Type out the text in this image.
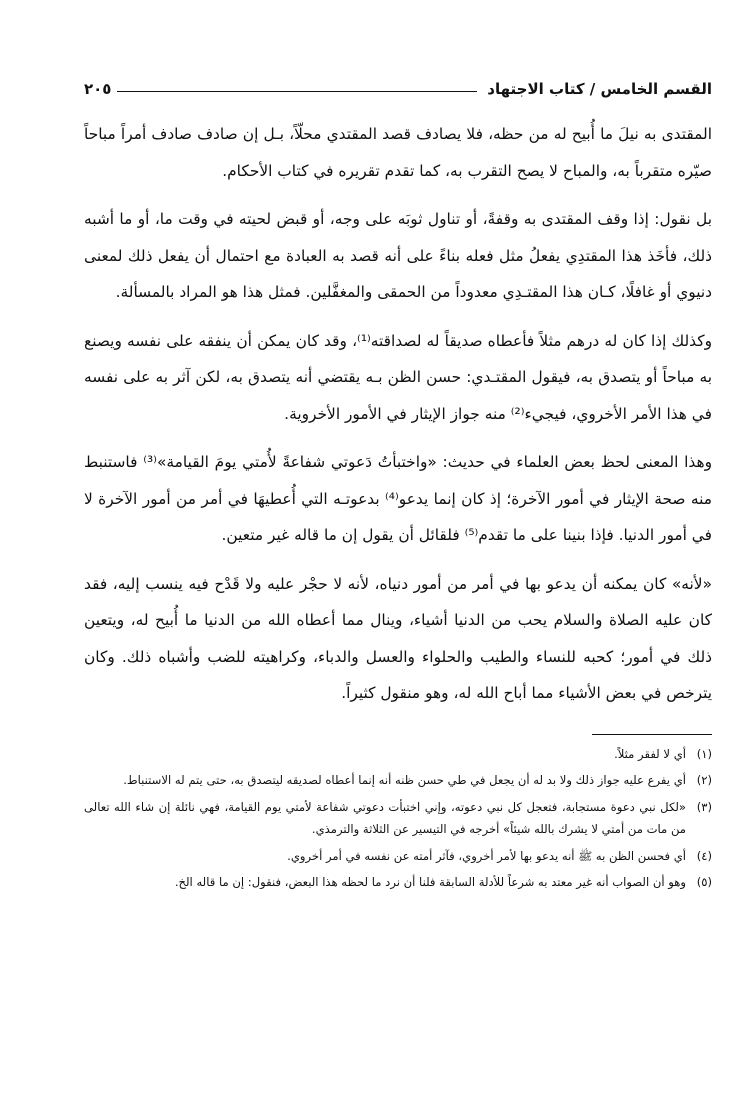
القسم الخامس / كتاب الاجتهاد
٢٠٥

المقتدى به نيلَ ما أُبيح له من حظه، فلا يصادف قصد المقتدي محلّاً، بـل إن صادف صادف أمراً مباحاً صيّره متقرباً به، والمباح لا يصح التقرب به، كما تقدم تقريره في كتاب الأحكام.

بل نقول: إذا وقف المقتدى به وقفةً، أو تناول ثوبَه على وجه، أو قبض لحيته في وقت ما، أو ما أشبه ذلك، فأخَذ هذا المقتدِي يفعلُ مثل فعله بناءً على أنه قصد به العبادة مع احتمال أن يفعل ذلك لمعنى دنيوي أو غافلًا، كـان هذا المقتـدِي معدوداً من الحمقى والمغفَّلين. فمثل هذا هو المراد بالمسألة.

وكذلك إذا كان له درهم مثلاً فأعطاه صديقاً له لصداقته⁽¹⁾، وقد كان يمكن أن ينفقه على نفسه ويصنع به مباحاً أو يتصدق به، فيقول المقتـدي: حسن الظن بـه يقتضي أنه يتصدق به، لكن آثر به على نفسه في هذا الأمر الأخروي، فيجيء⁽²⁾ منه جواز الإيثار في الأمور الأخروية.

وهذا المعنى لحظ بعض العلماء في حديث: «واختبأتُ دَعوتي شفاعةً لأُمتي يومَ القيامة»⁽³⁾ فاستنبط منه صحة الإيثار في أمور الآخرة؛ إذ كان إنما يدعو⁽⁴⁾ بدعوتـه التي أُعطيهَا في أمر من أمور الآخرة لا في أمور الدنيا. فإذا بنينا على ما تقدم⁽⁵⁾ فلقائل أن يقول إن ما قاله غير متعين.

«لأنه» كان يمكنه أن يدعو بها في أمر من أمور دنياه، لأنه لا حجْر عليه ولا قَدْح فيه ينسب إليه، فقد كان عليه الصلاة والسلام يحب من الدنيا أشياء، وينال مما أعطاه الله من الدنيا ما أُبيح له، ويتعين ذلك في أمور؛ كحبه للنساء والطيب والحلواء والعسل والدباء، وكراهيته للضب وأشباه ذلك. وكان يترخص في بعض الأشياء مما أباح الله له، وهو منقول كثيراً.

(١)
أي لا لفقر مثلاً.
(٢)
أي يفرع عليه جواز ذلك ولا بد له أن يجعل في طي حسن ظنه أنه إنما أعطاه لصديقه ليتصدق به، حتى يتم له الاستنباط.
(٣)
«لكل نبي دعوة مستجابة، فتعجل كل نبي دعوته، وإني اختبأت دعوتي شفاعة لأمتي يوم القيامة، فهي نائلة إن شاء الله تعالى من مات من أمتي لا يشرك بالله شيئاً» أخرجه في التيسير عن الثلاثة والترمذي.
(٤)
أي فحسن الظن به ﷺ أنه يدعو بها لأمر أخروي، فآثر أمته عن نفسه في أمر أخروي.
(٥)
وهو أن الصواب أنه غير معتد به شرعاً للأدلة السابقة فلنا أن نرد ما لحظه هذا البعض، فنقول: إن ما قاله الخ.
